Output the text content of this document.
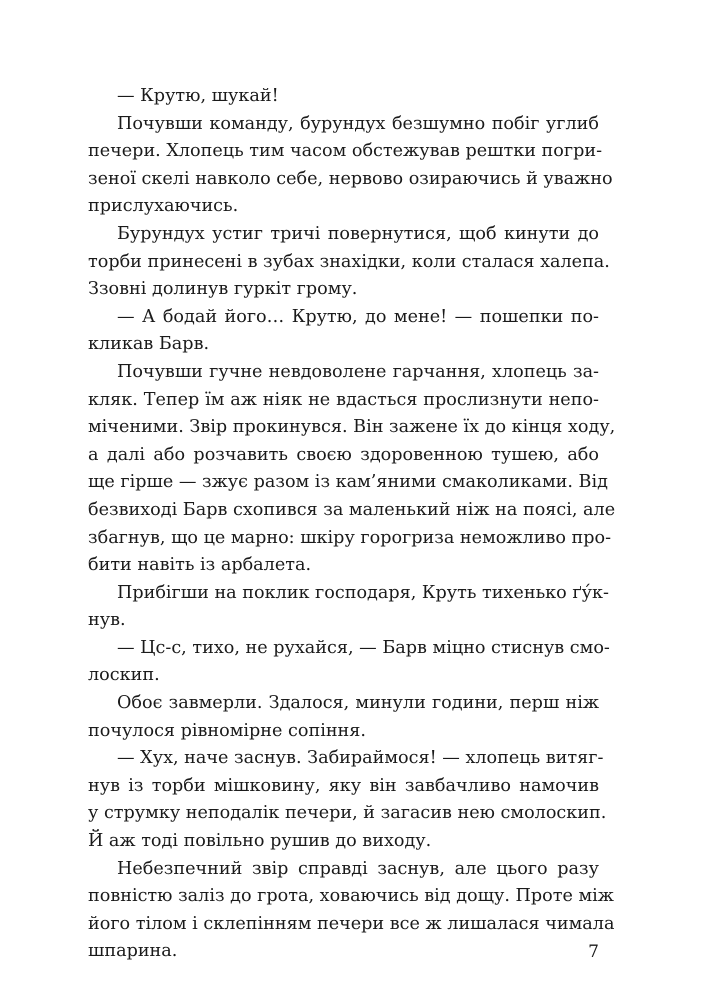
— Крутю, шукай!
Почувши команду, бурундух безшумно побіг углиб
печери. Хлопець тим часом обстежував рештки погри-
зеної скелі навколо себе, нервово озираючись й уважно
прислухаючись.
Бурундух устиг тричі повернутися, щоб кинути до
торби принесені в зубах знахідки, коли сталася халепа.
Ззовні долинув гуркіт грому.
— А бодай його… Крутю, до мене! — пошепки по-
кликав Барв.
Почувши гучне невдоволене гарчання, хлопець за-
кляк. Тепер їм аж ніяк не вдасться прослизнути непо-
міченими. Звір прокинувся. Він зажене їх до кінця ходу,
а далі або розчавить своєю здоровенною тушею, або
ще гірше — зжує разом із кам’яними смаколиками. Від
безвиході Барв схопився за маленький ніж на поясі, але
збагнув, що це марно: шкіру горогриза неможливо про-
бити навіть із арбалета.
Прибігши на поклик господаря, Круть тихенько ґу́к-
нув.
— Цс-с, тихо, не рухайся, — Барв міцно стиснув смо-
лоскип.
Обоє завмерли. Здалося, минули години, перш ніж
почулося рівномірне сопіння.
— Хух, наче заснув. Забираймося! — хлопець витяг-
нув із торби мішковину, яку він завбачливо намочив
у струмку неподалік печери, й загасив нею смолоскип.
Й аж тоді повільно рушив до виходу.
Небезпечний звір справді заснув, але цього разу
повністю заліз до грота, ховаючись від дощу. Проте між
його тілом і склепінням печери все ж лишалася чимала
шпарина.	7
